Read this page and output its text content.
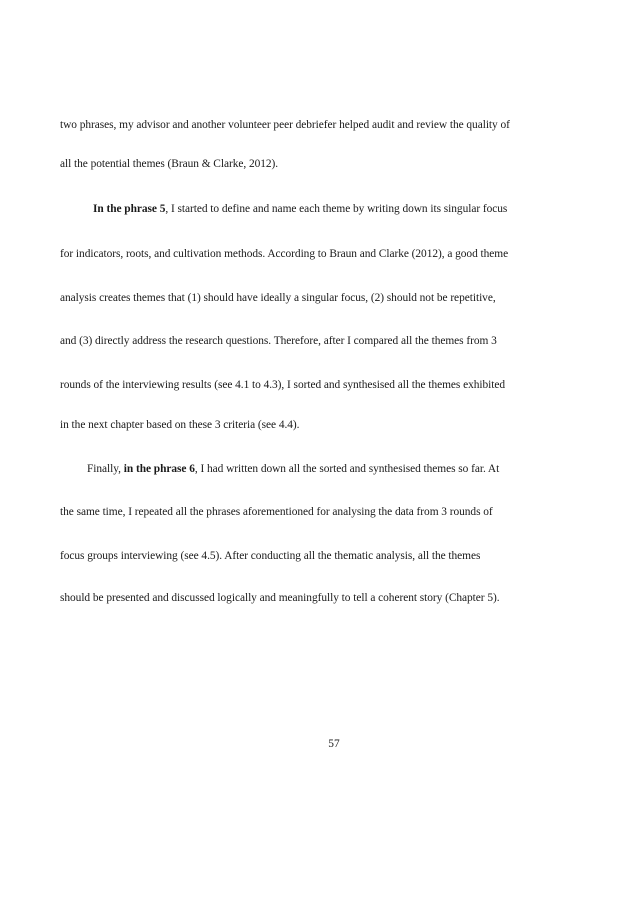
two phrases, my advisor and another volunteer peer debriefer helped audit and review the quality of
all the potential themes (Braun & Clarke, 2012).
In the phrase 5, I started to define and name each theme by writing down its singular focus
for indicators, roots, and cultivation methods. According to Braun and Clarke (2012), a good theme
analysis creates themes that (1) should have ideally a singular focus, (2) should not be repetitive,
and (3) directly address the research questions. Therefore, after I compared all the themes from 3
rounds of the interviewing results (see 4.1 to 4.3), I sorted and synthesised all the themes exhibited
in the next chapter based on these 3 criteria (see 4.4).
Finally, in the phrase 6, I had written down all the sorted and synthesised themes so far. At
the same time, I repeated all the phrases aforementioned for analysing the data from 3 rounds of
focus groups interviewing (see 4.5). After conducting all the thematic analysis, all the themes
should be presented and discussed logically and meaningfully to tell a coherent story (Chapter 5).
57
